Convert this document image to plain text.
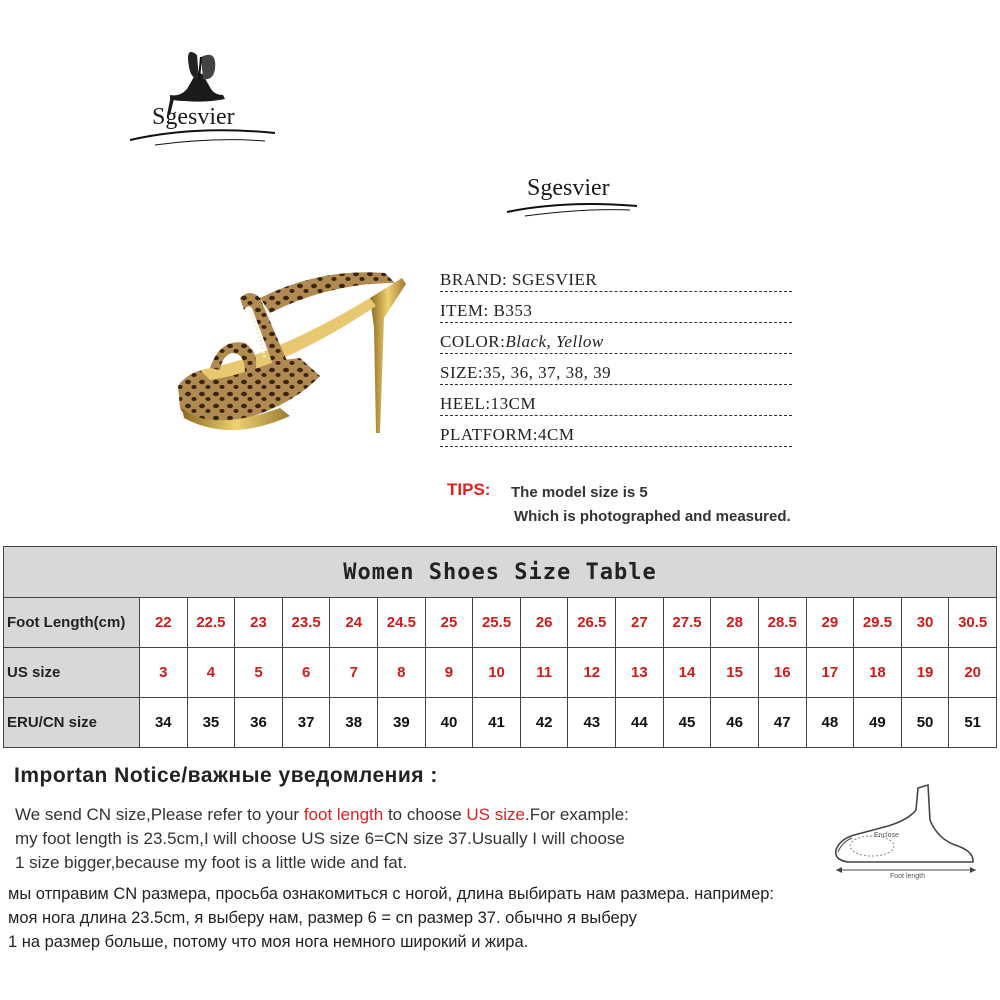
Sgesvier
Sgesvier
BRAND: SGESVIER
ITEM: B353
COLOR:Black, Yellow
SIZE:35, 36, 37, 38, 39
HEEL:13CM
PLATFORM:4CM
TIPS: The model size is 5
Which is photographed and measured.
Women Shoes Size Table																		
Foot Length(cm)	22	22.5	23	23.5	24	24.5	25	25.5	26	26.5	27	27.5	28	28.5	29	29.5	30	30.5
US size	3	4	5	6	7	8	9	10	11	12	13	14	15	16	17	18	19	20
ERU/CN size	34	35	36	37	38	39	40	41	42	43	44	45	46	47	48	49	50	51
Importan Notice/важные уведомления :
We send CN size,Please refer to your foot length to choose US size.For example:
my foot length is 23.5cm,I will choose US size 6=CN size 37.Usually I will choose
1 size bigger,because my foot is a little wide and fat.
мы отправим CN размера, просьба ознакомиться с ногой, длина выбирать нам размера. например:
моя нога длина 23.5cm, я выберу нам, размер 6 = cn размер 37. обычно я выберу
1 на размер больше, потому что моя нога немного широкий и жира.
Enclose
Foot length
